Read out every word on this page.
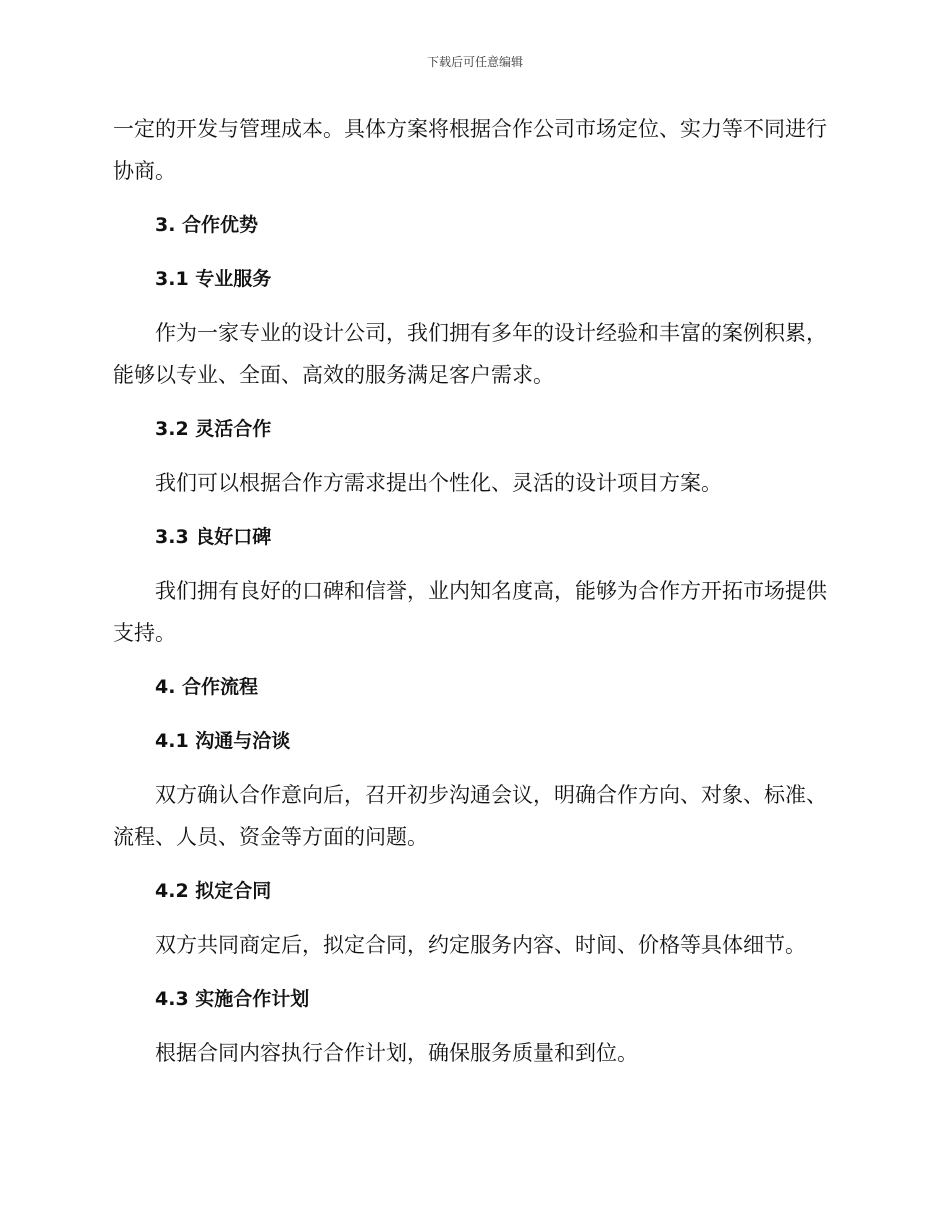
下载后可任意编辑

一定的开发与管理成本。具体方案将根据合作公司市场定位、实力等不同进行协商。

3. 合作优势
3.1 专业服务

作为一家专业的设计公司，我们拥有多年的设计经验和丰富的案例积累，能够以专业、全面、高效的服务满足客户需求。

3.2 灵活合作

我们可以根据合作方需求提出个性化、灵活的设计项目方案。

3.3 良好口碑

我们拥有良好的口碑和信誉，业内知名度高，能够为合作方开拓市场提供支持。

4. 合作流程
4.1 沟通与洽谈

双方确认合作意向后，召开初步沟通会议，明确合作方向、对象、标准、流程、人员、资金等方面的问题。

4.2 拟定合同

双方共同商定后，拟定合同，约定服务内容、时间、价格等具体细节。

4.3 实施合作计划

根据合同内容执行合作计划，确保服务质量和到位。
